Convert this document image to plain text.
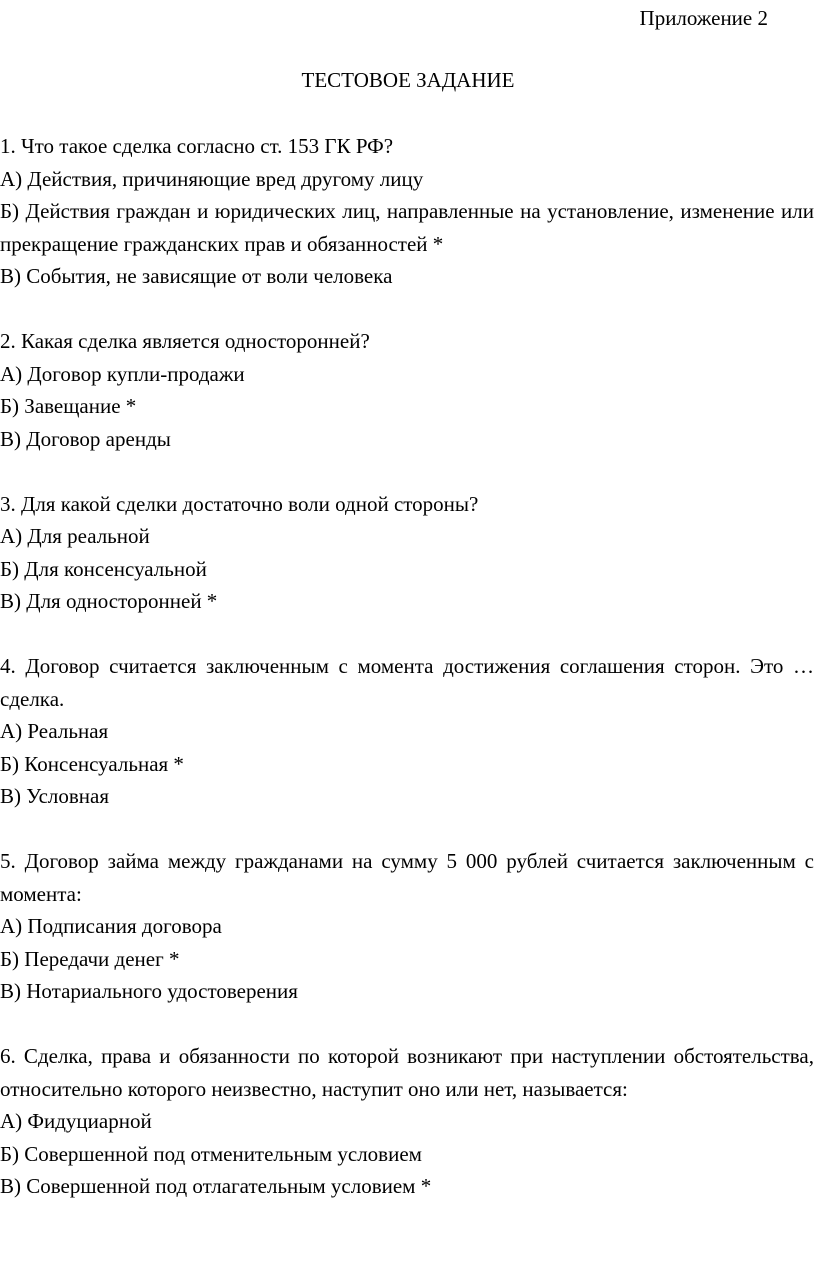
Приложение 2
ТЕСТОВОЕ ЗАДАНИЕ

1. Что такое сделка согласно ст. 153 ГК РФ?

А) Действия, причиняющие вред другому лицу

Б) Действия граждан и юридических лиц, направленные на установление, изменение или прекращение гражданских прав и обязанностей *

В) События, не зависящие от воли человека

2. Какая сделка является односторонней?

А) Договор купли-продажи

Б) Завещание *

В) Договор аренды

3. Для какой сделки достаточно воли одной стороны?

А) Для реальной

Б) Для консенсуальной

В) Для односторонней *

4. Договор считается заключенным с момента достижения соглашения сторон. Это … сделка.

А) Реальная

Б) Консенсуальная *

В) Условная

5. Договор займа между гражданами на сумму 5 000 рублей считается заключенным с момента:

А) Подписания договора

Б) Передачи денег *

В) Нотариального удостоверения

6. Сделка, права и обязанности по которой возникают при наступлении обстоятельства, относительно которого неизвестно, наступит оно или нет, называется:

А) Фидуциарной

Б) Совершенной под отменительным условием

В) Совершенной под отлагательным условием *
